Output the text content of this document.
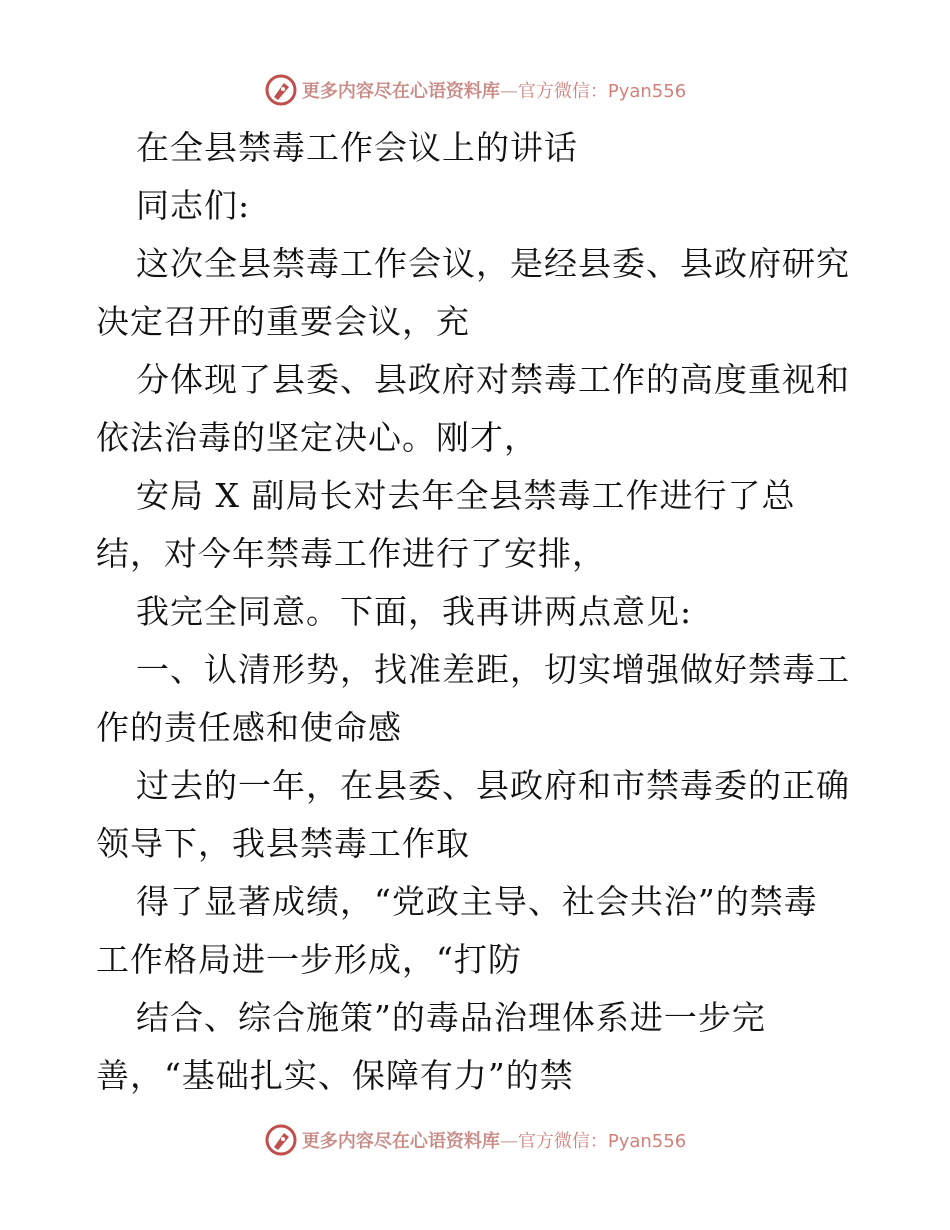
更多内容尽在心语资料库—官方微信：Pyan556
在全县禁毒工作会议上的讲话
同志们:
这次全县禁毒工作会议，是经县委、县政府研究
决定召开的重要会议，充
分体现了县委、县政府对禁毒工作的高度重视和
依法治毒的坚定决心。刚才，
安局 X 副局长对去年全县禁毒工作进行了总
结，对今年禁毒工作进行了安排，
我完全同意。下面，我再讲两点意见:
一、认清形势，找准差距，切实增强做好禁毒工
作的责任感和使命感
过去的一年，在县委、县政府和市禁毒委的正确
领导下，我县禁毒工作取
得了显著成绩，“党政主导、社会共治”的禁毒
工作格局进一步形成，“打防
结合、综合施策”的毒品治理体系进一步完
善，“基础扎实、保障有力”的禁
更多内容尽在心语资料库—官方微信：Pyan556
